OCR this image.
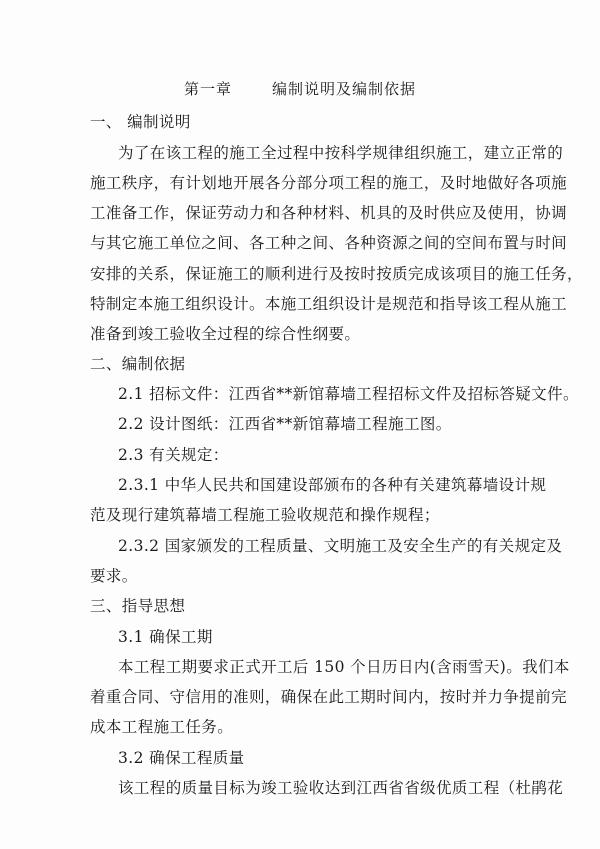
第一章	编制说明及编制依据
一、 编制说明
为了在该工程的施工全过程中按科学规律组织施工，建立正常的
施工秩序，有计划地开展各分部分项工程的施工，及时地做好各项施
工准备工作，保证劳动力和各种材料、机具的及时供应及使用，协调
与其它施工单位之间、各工种之间、各种资源之间的空间布置与时间
安排的关系，保证施工的顺利进行及按时按质完成该项目的施工任务，
特制定本施工组织设计。本施工组织设计是规范和指导该工程从施工
准备到竣工验收全过程的综合性纲要。
二、编制依据
2.1 招标文件：江西省**新馆幕墙工程招标文件及招标答疑文件。
2.2 设计图纸：江西省**新馆幕墙工程施工图。
2.3 有关规定：
2.3.1 中华人民共和国建设部颁布的各种有关建筑幕墙设计规
范及现行建筑幕墙工程施工验收规范和操作规程；
2.3.2 国家颁发的工程质量、文明施工及安全生产的有关规定及
要求。
三、指导思想
3.1 确保工期
本工程工期要求正式开工后 150 个日历日内(含雨雪天)。我们本
着重合同、守信用的准则，确保在此工期时间内，按时并力争提前完
成本工程施工任务。
3.2 确保工程质量
该工程的质量目标为竣工验收达到江西省省级优质工程（杜鹃花
